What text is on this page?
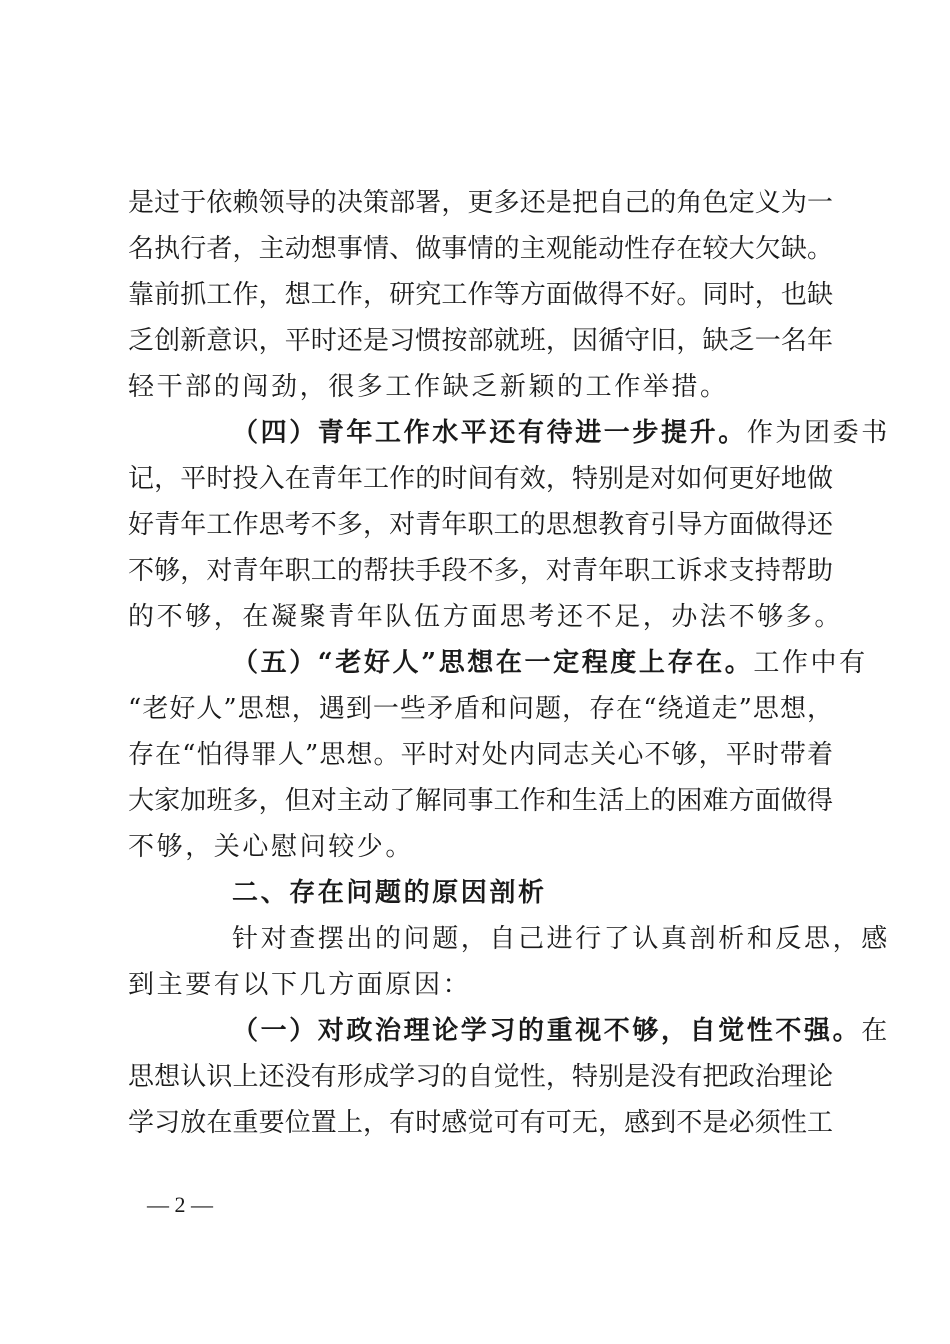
是过于依赖领导的决策部署，更多还是把自己的角色定义为一
名执行者，主动想事情、做事情的主观能动性存在较大欠缺。
靠前抓工作，想工作，研究工作等方面做得不好。同时，也缺
乏创新意识，平时还是习惯按部就班，因循守旧，缺乏一名年
轻干部的闯劲，很多工作缺乏新颖的工作举措。
（四）青年工作水平还有待进一步提升。作为团委书
记，平时投入在青年工作的时间有效，特别是对如何更好地做
好青年工作思考不多，对青年职工的思想教育引导方面做得还
不够，对青年职工的帮扶手段不多，对青年职工诉求支持帮助
的不够，在凝聚青年队伍方面思考还不足，办法不够多。
（五）“老好人”思想在一定程度上存在。工作中有
“老好人”思想，遇到一些矛盾和问题，存在“绕道走”思想，
存在“怕得罪人”思想。平时对处内同志关心不够，平时带着
大家加班多，但对主动了解同事工作和生活上的困难方面做得
不够，关心慰问较少。
二、存在问题的原因剖析
针对查摆出的问题，自己进行了认真剖析和反思，感
到主要有以下几方面原因：
（一）对政治理论学习的重视不够，自觉性不强。在
思想认识上还没有形成学习的自觉性，特别是没有把政治理论
学习放在重要位置上，有时感觉可有可无，感到不是必须性工
— 2 —
